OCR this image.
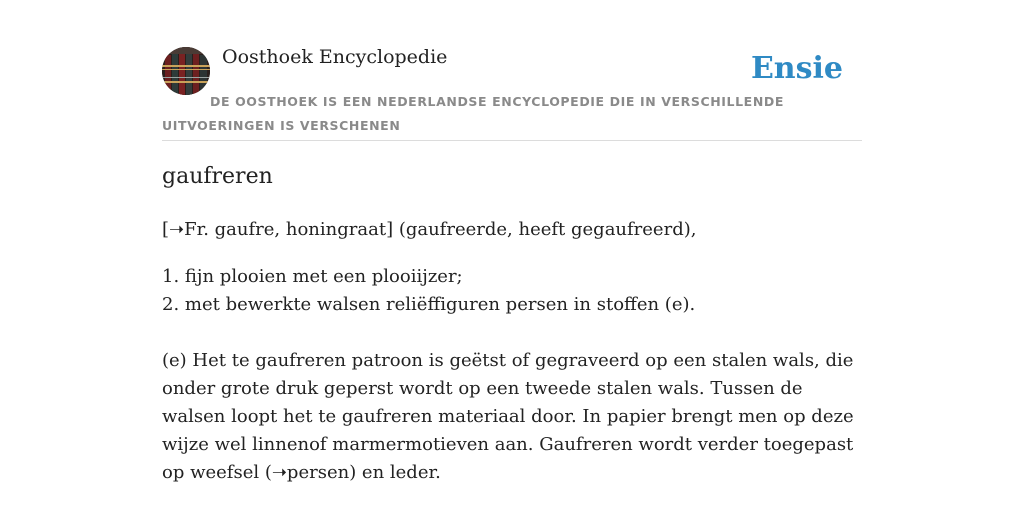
Oosthoek Encyclopedie	Ensie
DE OOSTHOEK IS EEN NEDERLANDSE ENCYCLOPEDIE DIE IN VERSCHILLENDE UITVOERINGEN IS VERSCHENEN
gaufreren
[➝Fr. gaufre, honingraat] (gaufreerde, heeft gegaufreerd),
1. fijn plooien met een plooiijzer;
2. met bewerkte walsen reliëffiguren persen in stoffen (e).
(e) Het te gaufreren patroon is geëtst of gegraveerd op een stalen wals, die onder grote druk geperst wordt op een tweede stalen wals. Tussen de walsen loopt het te gaufreren materiaal door. In papier brengt men op deze wijze wel linnenof marmermotieven aan. Gaufreren wordt verder toegepast op weefsel (➝persen) en leder.
